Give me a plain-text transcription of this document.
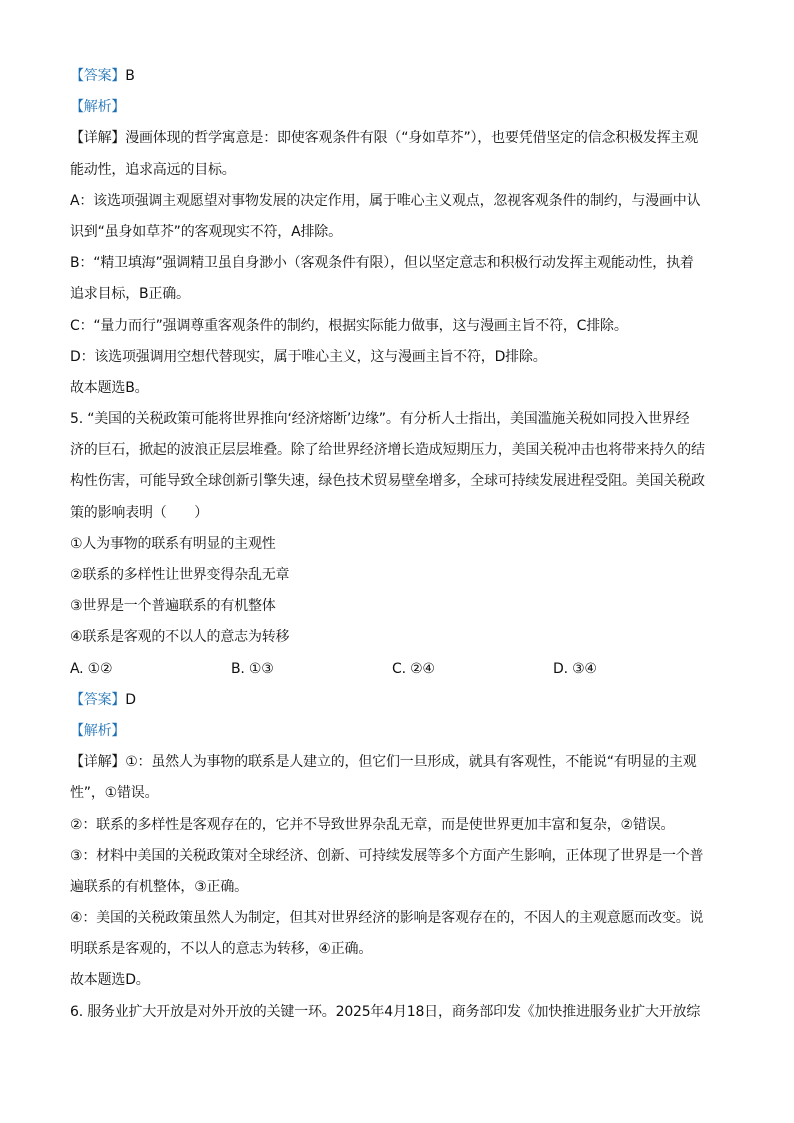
【答案】B
【解析】
【详解】漫画体现的哲学寓意是：即使客观条件有限（“身如草芥”），也要凭借坚定的信念积极发挥主观
能动性，追求高远的目标。
A：该选项强调主观愿望对事物发展的决定作用，属于唯心主义观点，忽视客观条件的制约，与漫画中认
识到“虽身如草芥”的客观现实不符，A排除。
B：“精卫填海”强调精卫虽自身渺小（客观条件有限），但以坚定意志和积极行动发挥主观能动性，执着
追求目标，B正确。
C：“量力而行”强调尊重客观条件的制约，根据实际能力做事，这与漫画主旨不符，C排除。
D：该选项强调用空想代替现实，属于唯心主义，这与漫画主旨不符，D排除。
故本题选B。
5. “美国的关税政策可能将世界推向‘经济熔断’边缘”。有分析人士指出，美国滥施关税如同投入世界经
济的巨石，掀起的波浪正层层堆叠。除了给世界经济增长造成短期压力，美国关税冲击也将带来持久的结
构性伤害，可能导致全球创新引擎失速，绿色技术贸易壁垒增多，全球可持续发展进程受阻。美国关税政
策的影响表明（　　）
①人为事物的联系有明显的主观性
②联系的多样性让世界变得杂乱无章
③世界是一个普遍联系的有机整体
④联系是客观的不以人的意志为转移
A. ①②	B. ①③	C. ②④	D. ③④
【答案】D
【解析】
【详解】①：虽然人为事物的联系是人建立的，但它们一旦形成，就具有客观性，不能说“有明显的主观
性”，①错误。
②：联系的多样性是客观存在的，它并不导致世界杂乱无章，而是使世界更加丰富和复杂，②错误。
③：材料中美国的关税政策对全球经济、创新、可持续发展等多个方面产生影响，正体现了世界是一个普
遍联系的有机整体，③正确。
④：美国的关税政策虽然人为制定，但其对世界经济的影响是客观存在的，不因人的主观意愿而改变。说
明联系是客观的，不以人的意志为转移，④正确。
故本题选D。
6. 服务业扩大开放是对外开放的关键一环。2025年4月18日，商务部印发《加快推进服务业扩大开放综
